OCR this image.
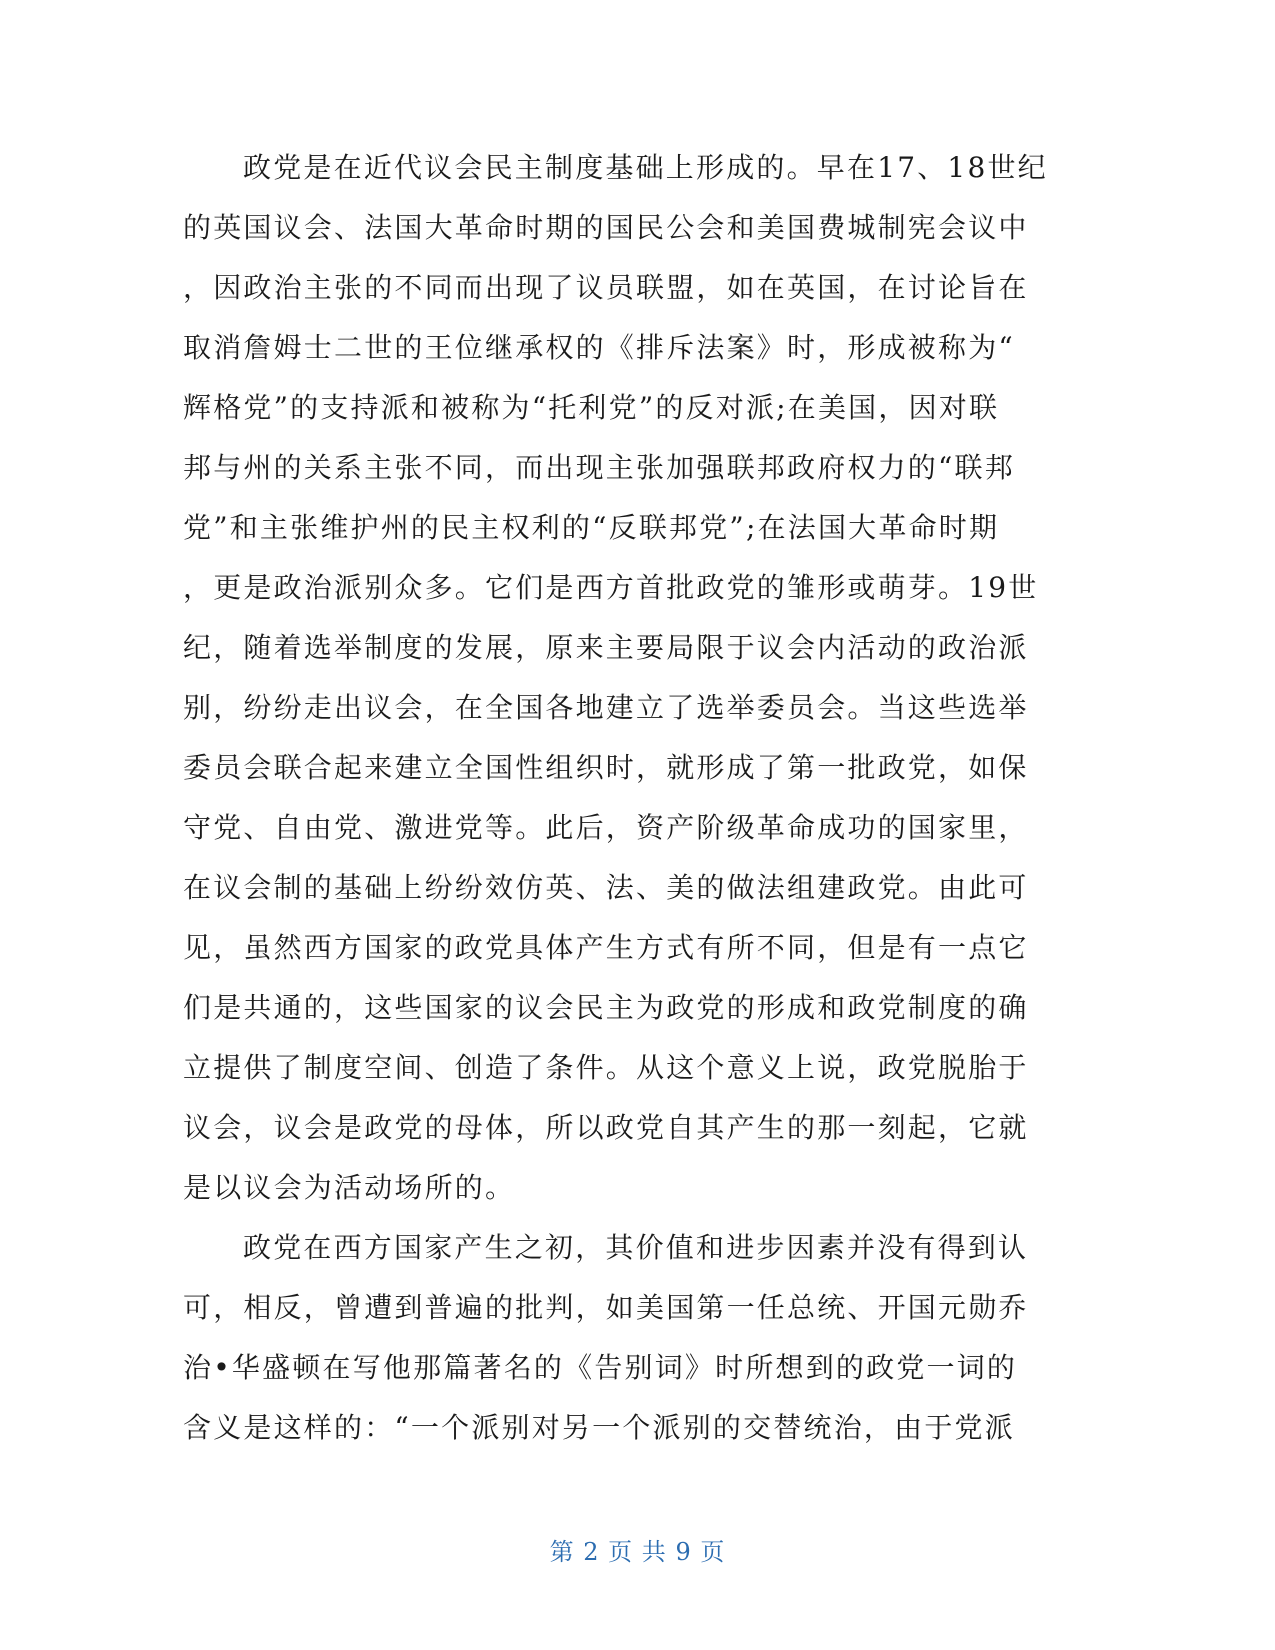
政党是在近代议会民主制度基础上形成的。早在17、18世纪
的英国议会、法国大革命时期的国民公会和美国费城制宪会议中
，因政治主张的不同而出现了议员联盟，如在英国，在讨论旨在
取消詹姆士二世的王位继承权的《排斥法案》时，形成被称为“
辉格党”的支持派和被称为“托利党”的反对派;在美国，因对联
邦与州的关系主张不同，而出现主张加强联邦政府权力的“联邦
党”和主张维护州的民主权利的“反联邦党”;在法国大革命时期
，更是政治派别众多。它们是西方首批政党的雏形或萌芽。19世
纪，随着选举制度的发展，原来主要局限于议会内活动的政治派
别，纷纷走出议会，在全国各地建立了选举委员会。当这些选举
委员会联合起来建立全国性组织时，就形成了第一批政党，如保
守党、自由党、激进党等。此后，资产阶级革命成功的国家里，
在议会制的基础上纷纷效仿英、法、美的做法组建政党。由此可
见，虽然西方国家的政党具体产生方式有所不同，但是有一点它
们是共通的，这些国家的议会民主为政党的形成和政党制度的确
立提供了制度空间、创造了条件。从这个意义上说，政党脱胎于
议会，议会是政党的母体，所以政党自其产生的那一刻起，它就
是以议会为活动场所的。
政党在西方国家产生之初，其价值和进步因素并没有得到认
可，相反，曾遭到普遍的批判，如美国第一任总统、开国元勋乔
治•华盛顿在写他那篇著名的《告别词》时所想到的政党一词的
含义是这样的：“一个派别对另一个派别的交替统治，由于党派
第 2 页 共 9 页
